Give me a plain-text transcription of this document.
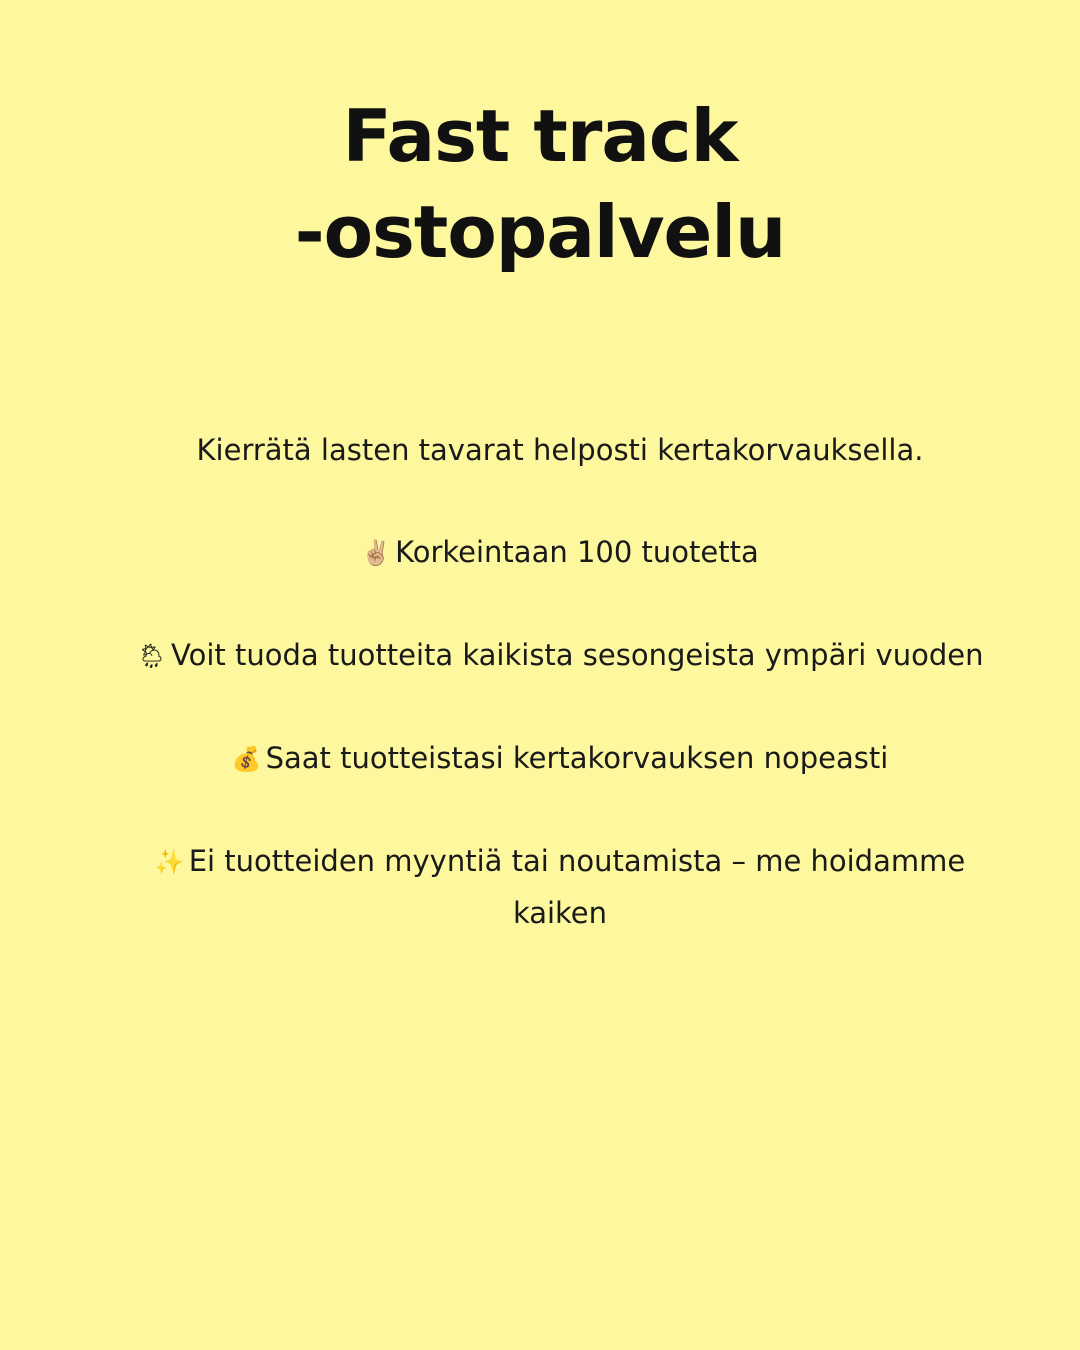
Fast track
-ostopalvelu

Kierrätä lasten tavarat helposti kertakorvauksella.

✌🏼 Korkeintaan 100 tuotetta

🌦 Voit tuoda tuotteita kaikista sesongeista ympäri vuoden

💰 Saat tuotteistasi kertakorvauksen nopeasti

✨ Ei tuotteiden myyntiä tai noutamista – me hoidamme kaiken
